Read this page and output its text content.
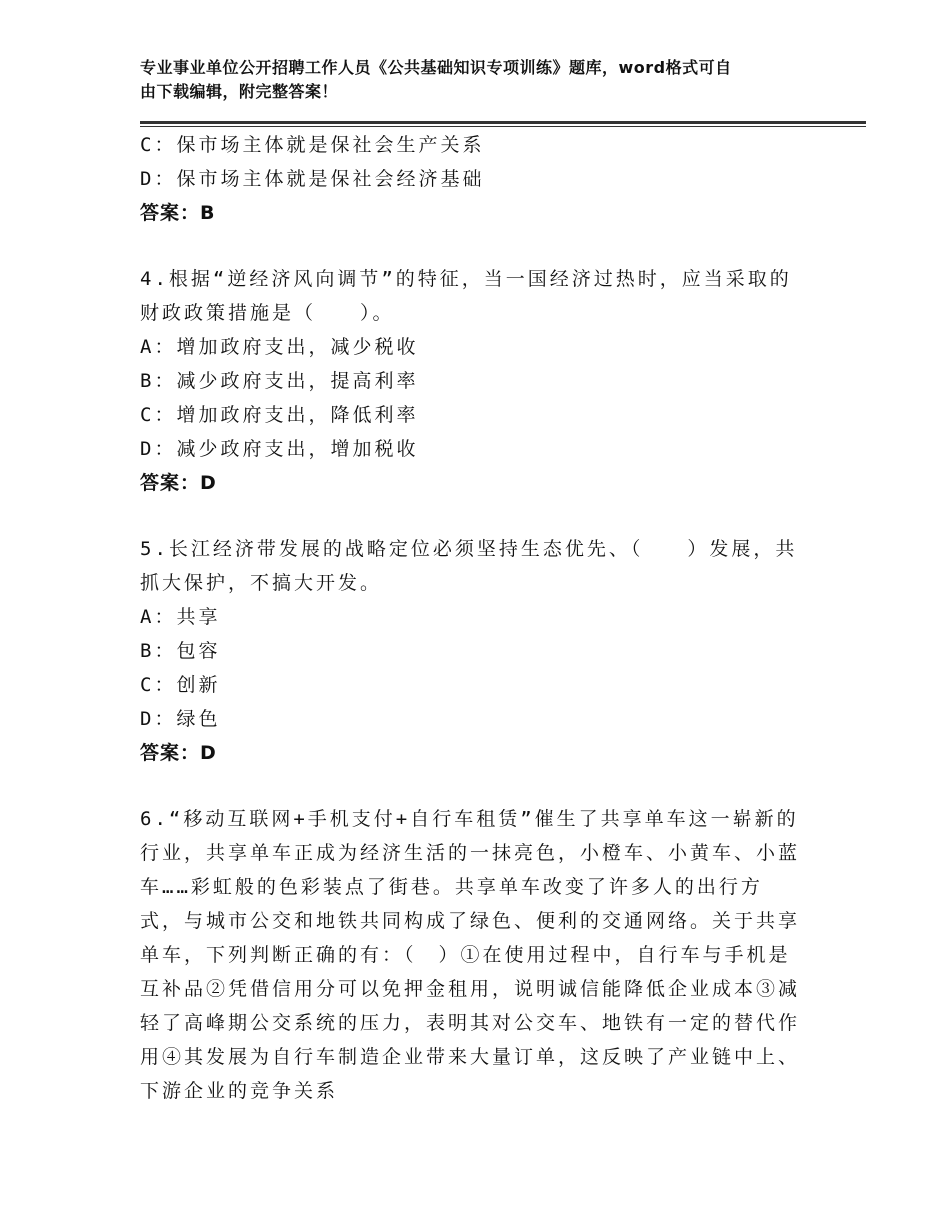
专业事业单位公开招聘工作人员《公共基础知识专项训练》题库，word格式可自
由下载编辑，附完整答案！
C：保市场主体就是保社会生产关系
D：保市场主体就是保社会经济基础
答案：B
4.根据“逆经济风向调节”的特征，当一国经济过热时，应当采取的
财政政策措施是（　　）。
A：增加政府支出，减少税收
B：减少政府支出，提高利率
C：增加政府支出，降低利率
D：减少政府支出，增加税收
答案：D
5.长江经济带发展的战略定位必须坚持生态优先、（　　）发展，共
抓大保护，不搞大开发。
A：共享
B：包容
C：创新
D：绿色
答案：D
6.“移动互联网+手机支付+自行车租赁”催生了共享单车这一崭新的
行业，共享单车正成为经济生活的一抹亮色，小橙车、小黄车、小蓝
车……彩虹般的色彩装点了街巷。共享单车改变了许多人的出行方
式，与城市公交和地铁共同构成了绿色、便利的交通网络。关于共享
单车，下列判断正确的有：（　）①在使用过程中，自行车与手机是
互补品②凭借信用分可以免押金租用，说明诚信能降低企业成本③减
轻了高峰期公交系统的压力，表明其对公交车、地铁有一定的替代作
用④其发展为自行车制造企业带来大量订单，这反映了产业链中上、
下游企业的竞争关系
